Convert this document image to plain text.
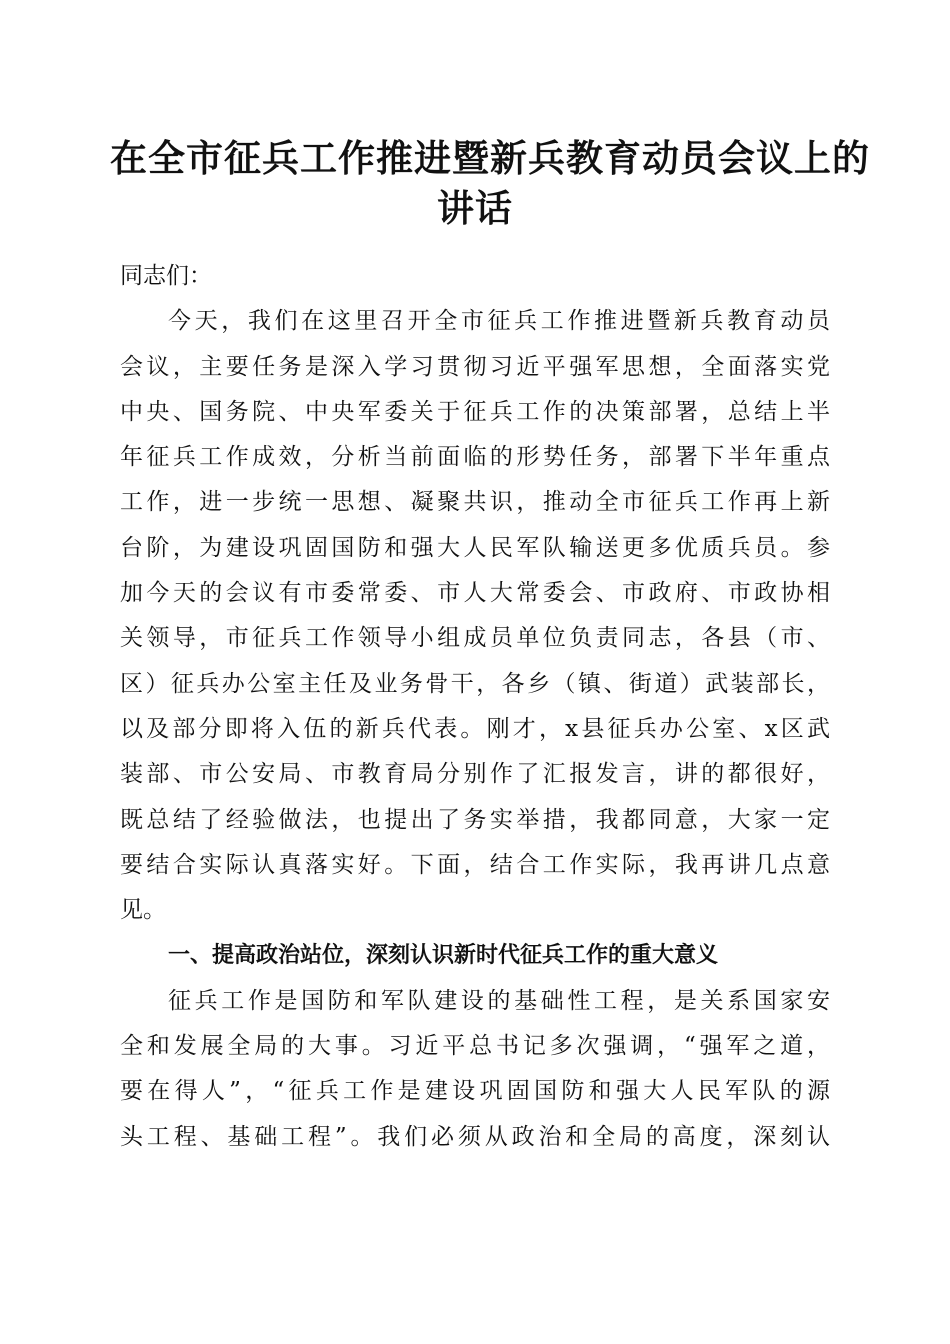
在全市征兵工作推进暨新兵教育动员会议上的
讲话
同志们：
今天，我们在这里召开全市征兵工作推进暨新兵教育动员
会议，主要任务是深入学习贯彻习近平强军思想，全面落实党
中央、国务院、中央军委关于征兵工作的决策部署，总结上半
年征兵工作成效，分析当前面临的形势任务，部署下半年重点
工作，进一步统一思想、凝聚共识，推动全市征兵工作再上新
台阶，为建设巩固国防和强大人民军队输送更多优质兵员。参
加今天的会议有市委常委、市人大常委会、市政府、市政协相
关领导，市征兵工作领导小组成员单位负责同志，各县（市、
区）征兵办公室主任及业务骨干，各乡（镇、街道）武装部长，
以及部分即将入伍的新兵代表。刚才，x县征兵办公室、x区武
装部、市公安局、市教育局分别作了汇报发言，讲的都很好，
既总结了经验做法，也提出了务实举措，我都同意，大家一定
要结合实际认真落实好。下面，结合工作实际，我再讲几点意
见。
一、提高政治站位，深刻认识新时代征兵工作的重大意义
征兵工作是国防和军队建设的基础性工程，是关系国家安
全和发展全局的大事。习近平总书记多次强调，“强军之道，
要在得人”，“征兵工作是建设巩固国防和强大人民军队的源
头工程、基础工程”。我们必须从政治和全局的高度，深刻认
